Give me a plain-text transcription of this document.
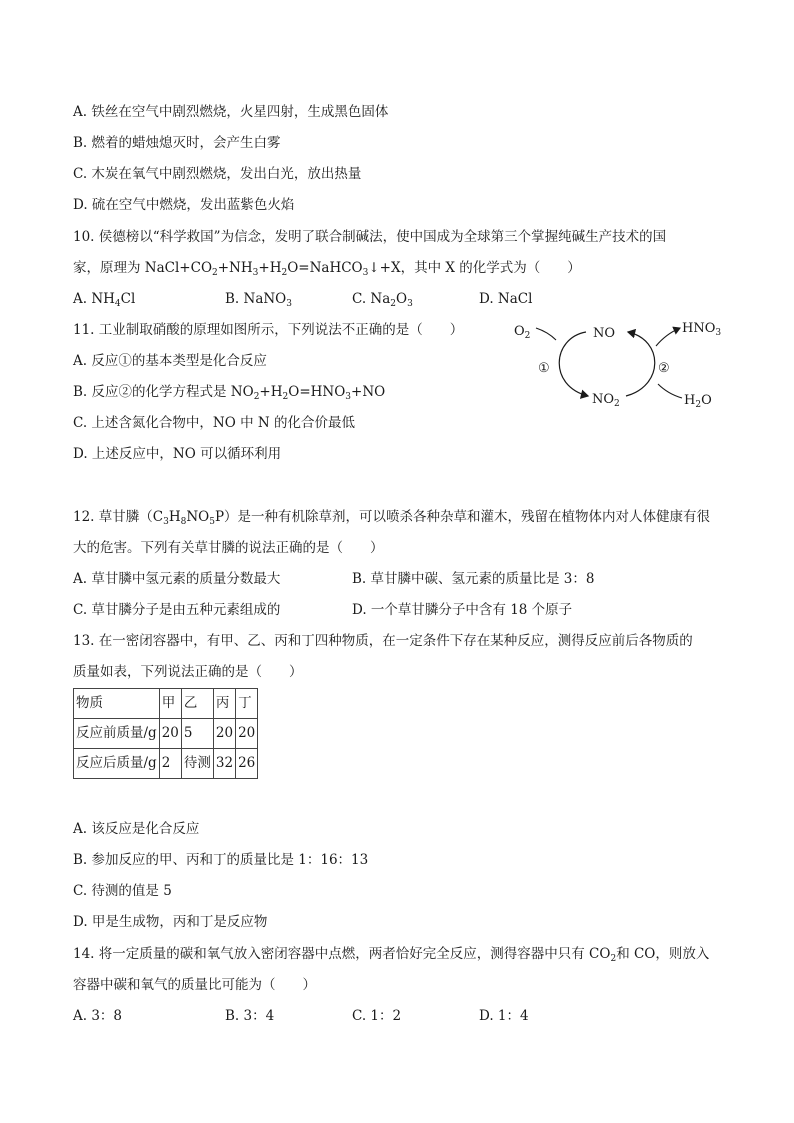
A. 铁丝在空气中剧烈燃烧，火星四射，生成黑色固体
B. 燃着的蜡烛熄灭时，会产生白雾
C. 木炭在氧气中剧烈燃烧，发出白光，放出热量
D. 硫在空气中燃烧，发出蓝紫色火焰
10. 侯德榜以“科学救国”为信念，发明了联合制碱法，使中国成为全球第三个掌握纯碱生产技术的国
家，原理为 $NaCl+CO_2+NH_3+H_2O=NaHCO_3↓+X$，其中 X 的化学式为（　　）
A. $NH_4Cl$	B. NaNO$_3$	C. $Na_2O_3$	D. NaCl
11. 工业制取硝酸的原理如图所示，下列说法不正确的是（　　）
A. 反应①的基本类型是化合反应
B. 反应②的化学方程式是 $NO_2+H_2O=HNO_3+NO$
C. 上述含氮化合物中，NO 中 N 的化合价最低
D. 上述反应中，NO 可以循环利用
$O_2$	NO	$HNO_3$
$NO_2$	$H_2O$
①	②
12. 草甘膦$(C_3H_8NO_5P)$是一种有机除草剂，可以喷杀各种杂草和灌木，残留在植物体内对人体健康有很
大的危害。下列有关草甘膦的说法正确的是（　　）
A. 草甘膦中氢元素的质量分数最大	B. 草甘膦中碳、氢元素的质量比是 3：8
C. 草甘膦分子是由五种元素组成的	D. 一个草甘膦分子中含有 18 个原子
13. 在一密闭容器中，有甲、乙、丙和丁四种物质，在一定条件下存在某种反应，测得反应前后各物质的
质量如表，下列说法正确的是（　　）
物质	甲	乙	丙	丁
反应前质量/g	20	5	20	20
反应后质量/g	2	待测	32	26
A. 该反应是化合反应
B. 参加反应的甲、丙和丁的质量比是 1：16：13
C. 待测的值是 5
D. 甲是生成物，丙和丁是反应物
14. 将一定质量的碳和氧气放入密闭容器中点燃，两者恰好完全反应，测得容器中只有 $CO_2$和 CO，则放入
容器中碳和氧气的质量比可能为（　　）
A. 3：8	B. 3：4	C. 1：2	D. 1：4
